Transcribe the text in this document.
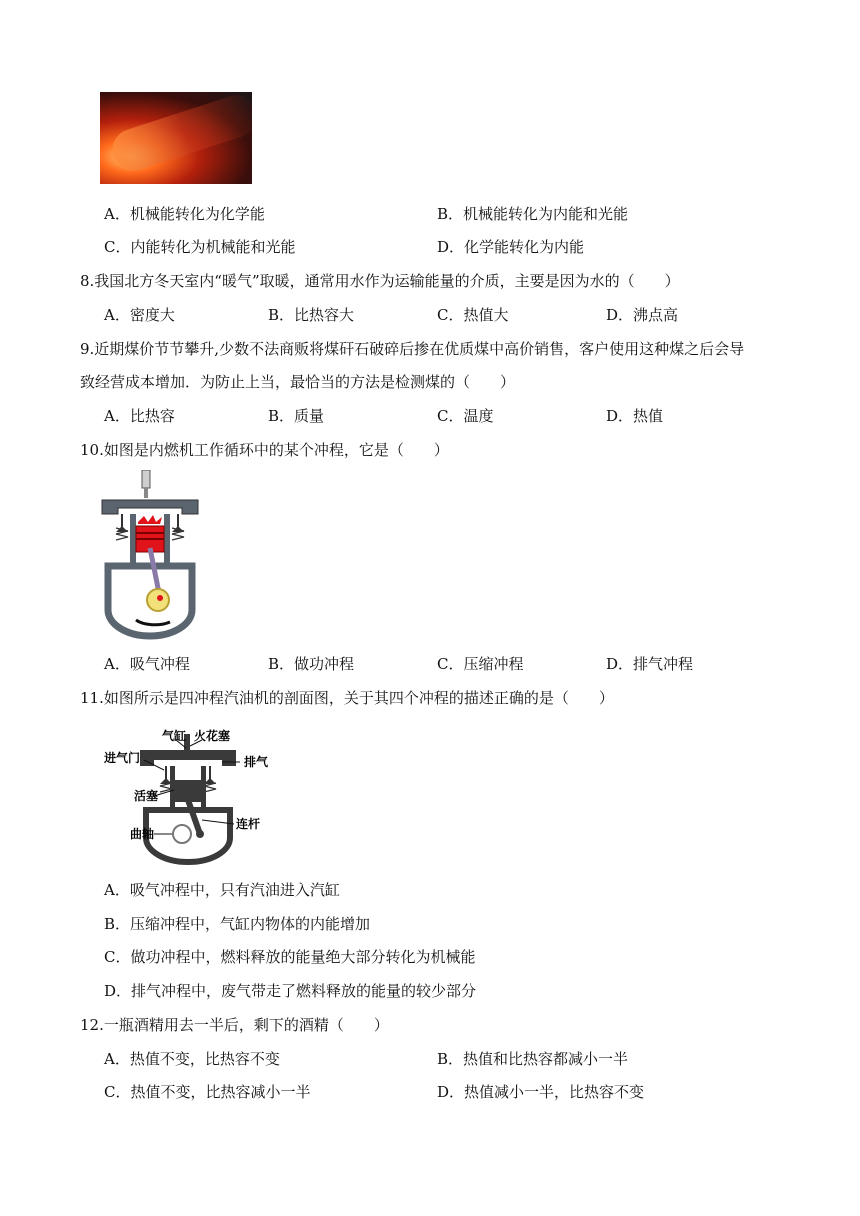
A．机械能转化为化学能	B．机械能转化为内能和光能
C．内能转化为机械能和光能	D．化学能转化为内能
8.我国北方冬天室内“暖气”取暖，通常用水作为运输能量的介质，主要是因为水的（　　）
A．密度大	B．比热容大	C．热值大	D．沸点高
9.近期煤价节节攀升,少数不法商贩将煤矸石破碎后掺在优质煤中高价销售，客户使用这种煤之后会导
致经营成本增加．为防止上当，最恰当的方法是检测煤的（　　）
A．比热容	B．质量	C．温度	D．热值
10.如图是内燃机工作循环中的某个冲程，它是（　　）
A．吸气冲程	B．做功冲程	C．压缩冲程	D．排气冲程
11.如图所示是四冲程汽油机的剖面图，关于其四个冲程的描述正确的是（　　）
气缸 火花塞
进气门	排气
活塞
连杆
曲轴
A．吸气冲程中，只有汽油进入汽缸
B．压缩冲程中，气缸内物体的内能增加
C．做功冲程中，燃料释放的能量绝大部分转化为机械能
D．排气冲程中，废气带走了燃料释放的能量的较少部分
12.一瓶酒精用去一半后，剩下的酒精（　　）
A．热值不变，比热容不变	B．热值和比热容都减小一半
C．热值不变，比热容减小一半	D．热值减小一半，比热容不变
